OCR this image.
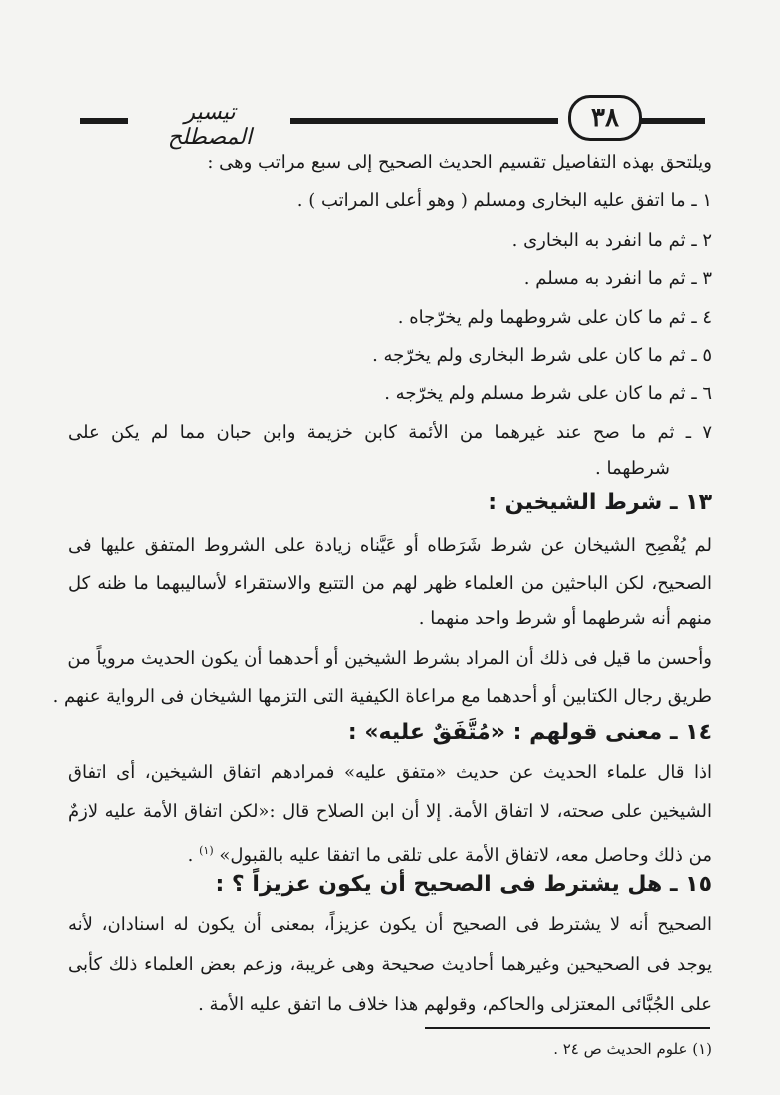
٣٨
تيسير المصطلح
ويلتحق بهذه التفاصيل تقسيم الحديث الصحيح إلى سبع مراتب وهى :
١ ـ ما اتفق عليه البخارى ومسلم ( وهو أعلى المراتب ) .
٢ ـ ثم ما انفرد به البخارى .
٣ ـ ثم ما انفرد به مسلم .
٤ ـ ثم ما كان على شروطهما ولم يخرّجاه .
٥ ـ ثم ما كان على شرط البخارى ولم يخرّجه .
٦ ـ ثم ما كان على شرط مسلم ولم يخرّجه .
٧ ـ ثم ما صح عند غيرهما من الأئمة كابن خزيمة وابن حبان مما لم يكن على
شرطهما .
١٣ ـ شرط الشيخين :
لم يُفْصِح الشيخان عن شرط شَرَطاه أو عَيَّناه زيادة على الشروط المتفق عليها فى
الصحيح، لكن الباحثين من العلماء ظهر لهم من التتبع والاستقراء لأساليبهما ما ظنه كل
منهم أنه شرطهما أو شرط واحد منهما .
وأحسن ما قيل فى ذلك أن المراد بشرط الشيخين أو أحدهما أن يكون الحديث مروياً من
طريق رجال الكتابين أو أحدهما مع مراعاة الكيفية التى التزمها الشيخان فى الرواية عنهم .
١٤ ـ معنى قولهم : «مُتَّفَقٌ عليه» :
اذا قال علماء الحديث عن حديث «متفق عليه» فمرادهم اتفاق الشيخين، أى اتفاق
الشيخين على صحته، لا اتفاق الأمة. إلا أن ابن الصلاح قال :«لكن اتفاق الأمة عليه لازمٌ
من ذلك وحاصل معه، لاتفاق الأمة على تلقى ما اتفقا عليه بالقبول» $^{(١)}$ .
١٥ ـ هل يشترط فى الصحيح أن يكون عزيزاً ؟ :
الصحيح أنه لا يشترط فى الصحيح أن يكون عزيزاً، بمعنى أن يكون له اسنادان، لأنه
يوجد فى الصحيحين وغيرهما أحاديث صحيحة وهى غريبة، وزعم بعض العلماء ذلك كأبى
على الجُبَّائى المعتزلى والحاكم، وقولهم هذا خلاف ما اتفق عليه الأمة .
(١) علوم الحديث ص ٢٤ .
